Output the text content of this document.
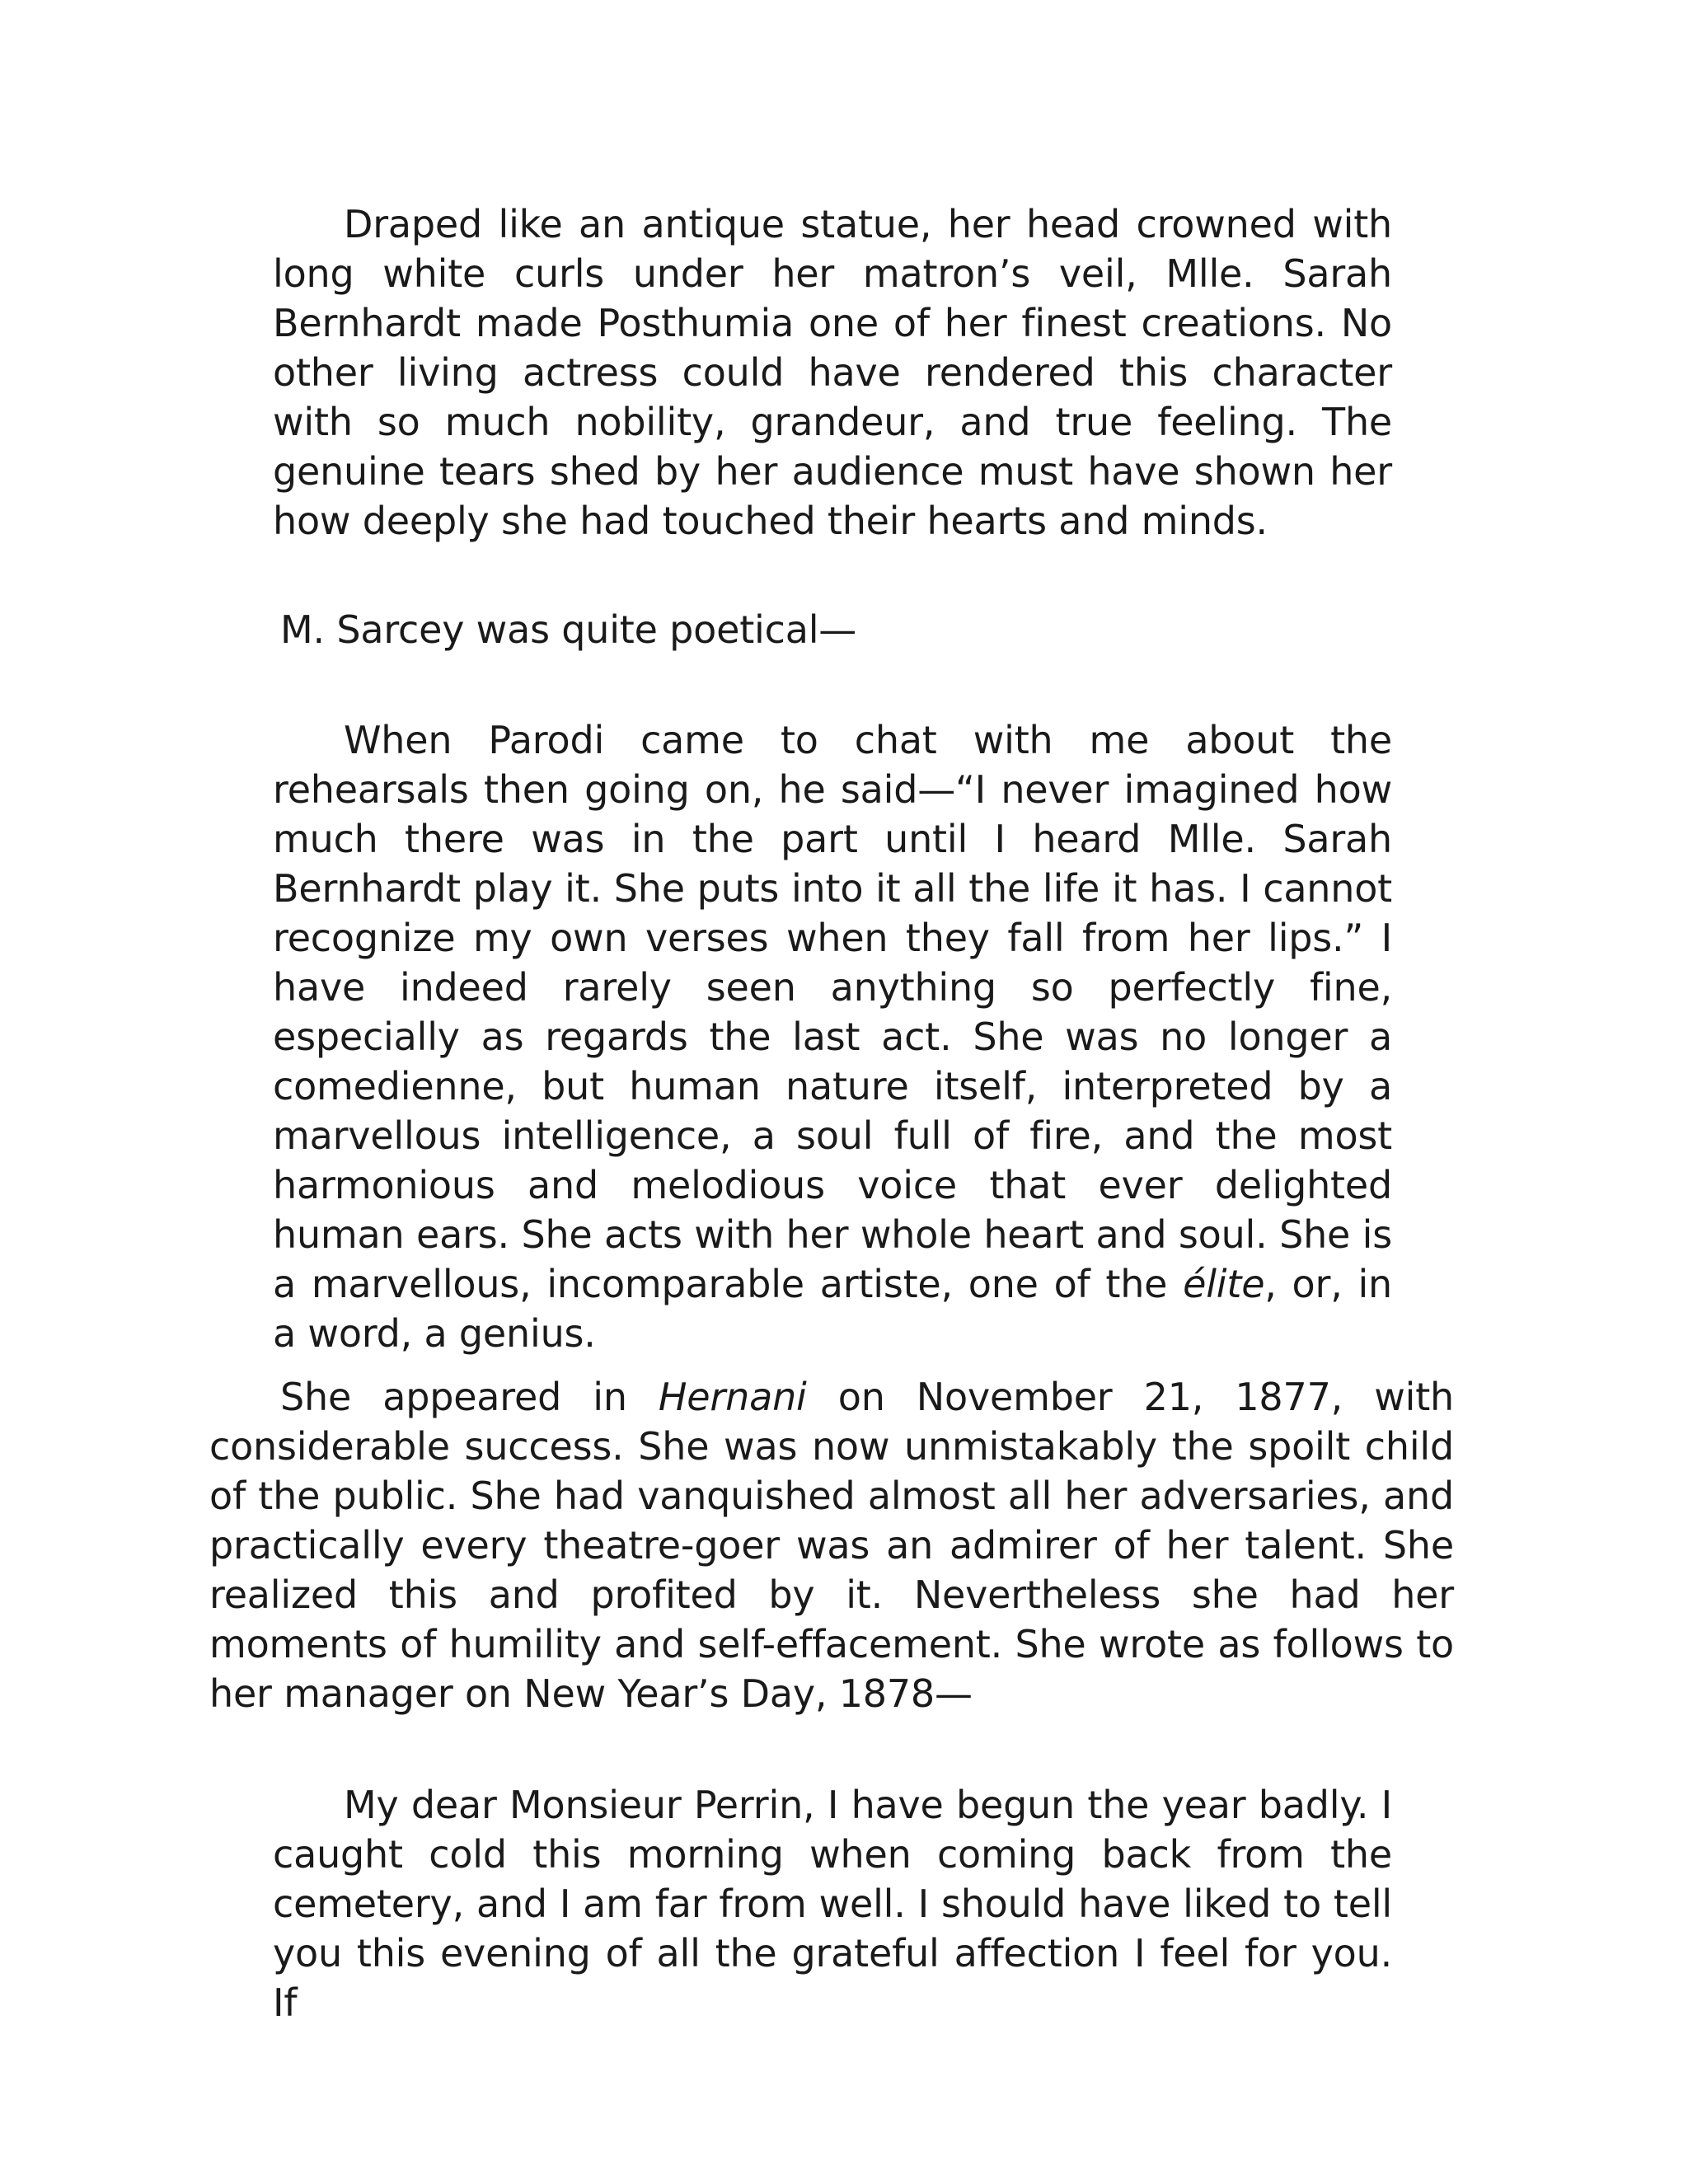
Draped like an antique statue, her head crowned with long white curls under her matron’s veil, Mlle. Sarah Bernhardt made Posthumia one of her finest creations. No other living actress could have rendered this character with so much nobility, grandeur, and true feeling. The genuine tears shed by her audience must have shown her how deeply she had touched their hearts and minds.

M. Sarcey was quite poetical—

When Parodi came to chat with me about the rehearsals then going on, he said—“I never imagined how much there was in the part until I heard Mlle. Sarah Bernhardt play it. She puts into it all the life it has. I cannot recognize my own verses when they fall from her lips.” I have indeed rarely seen anything so perfectly fine, especially as regards the last act. She was no longer a comedienne, but human nature itself, interpreted by a marvellous intelligence, a soul full of fire, and the most harmonious and melodious voice that ever delighted human ears. She acts with her whole heart and soul. She is a marvellous, incomparable artiste, one of the élite, or, in a word, a genius.

She appeared in Hernani on November 21, 1877, with considerable success. She was now unmistakably the spoilt child of the public. She had vanquished almost all her adversaries, and practically every theatre-goer was an admirer of her talent. She realized this and profited by it. Nevertheless she had her moments of humility and self-effacement. She wrote as follows to her manager on New Year’s Day, 1878—

My dear Monsieur Perrin, I have begun the year badly. I caught cold this morning when coming back from the cemetery, and I am far from well. I should have liked to tell you this evening of all the grateful affection I feel for you. If
